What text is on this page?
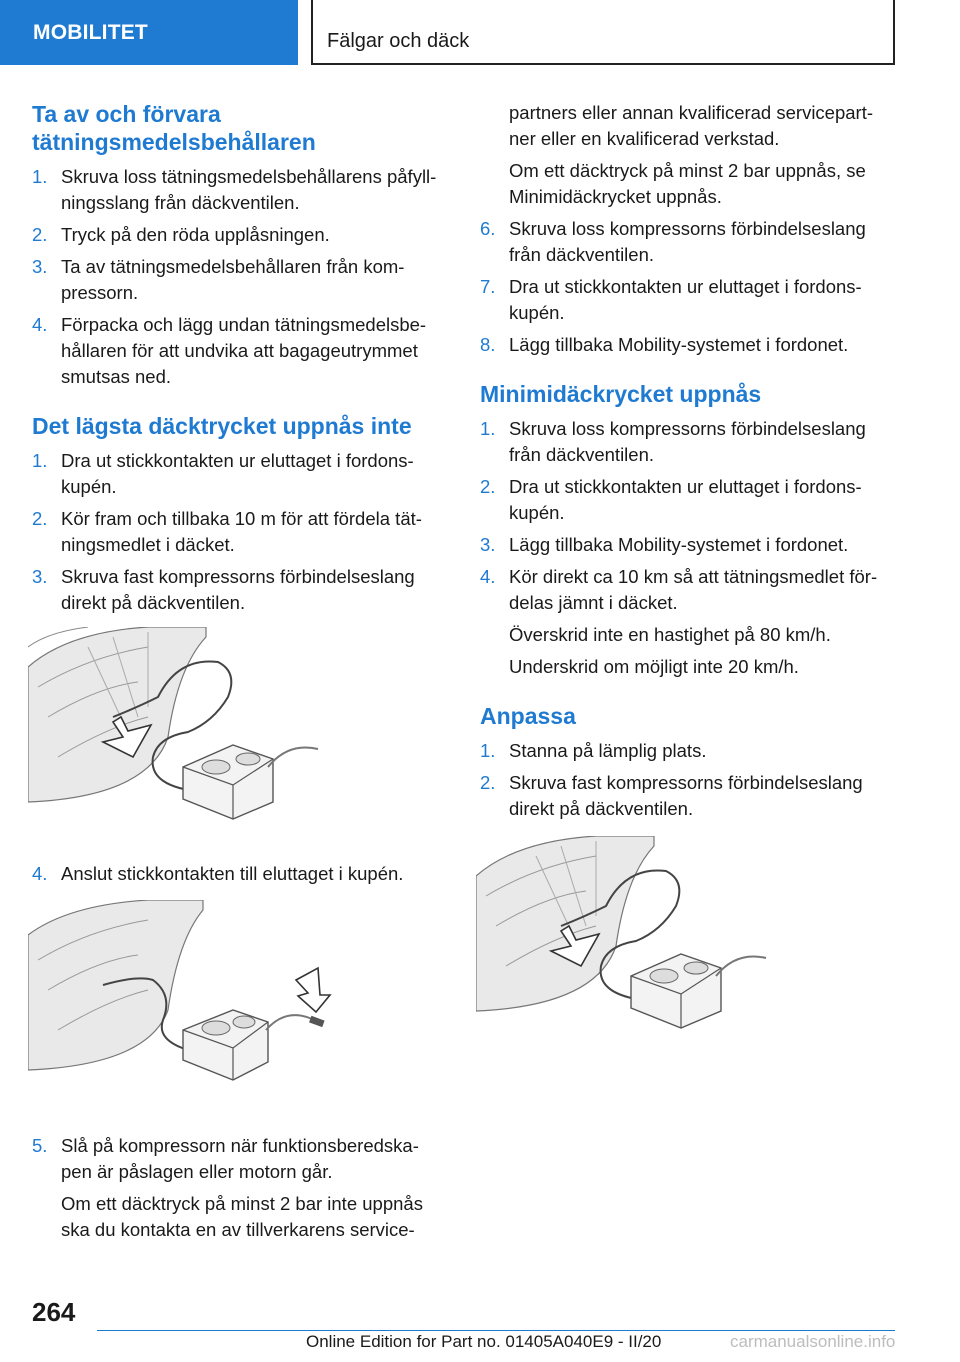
MOBILITET	Fälgar och däck
Ta av och förvara
tätningsmedelsbehållaren
1. Skruva loss tätningsmedelsbehållarens påfyll-
ningsslang från däckventilen.
2. Tryck på den röda upplåsningen.
3. Ta av tätningsmedelsbehållaren från kom-
pressorn.
4. Förpacka och lägg undan tätningsmedelsbe-
hållaren för att undvika att bagageutrymmet
smutsas ned.
Det lägsta däcktrycket uppnås inte
1. Dra ut stickkontakten ur eluttaget i fordons-
kupén.
2. Kör fram och tillbaka 10 m för att fördela tät-
ningsmedlet i däcket.
3. Skruva fast kompressorns förbindelseslang
direkt på däckventilen.
4. Anslut stickkontakten till eluttaget i kupén.
5. Slå på kompressorn när funktionsberedska-
pen är påslagen eller motorn går.
Om ett däcktryck på minst 2 bar inte uppnås
ska du kontakta en av tillverkarens service-
partners eller annan kvalificerad servicepart-
ner eller en kvalificerad verkstad.
Om ett däcktryck på minst 2 bar uppnås, se
Minimidäckrycket uppnås.
6. Skruva loss kompressorns förbindelseslang
från däckventilen.
7. Dra ut stickkontakten ur eluttaget i fordons-
kupén.
8. Lägg tillbaka Mobility-systemet i fordonet.
Minimidäckrycket uppnås
1. Skruva loss kompressorns förbindelseslang
från däckventilen.
2. Dra ut stickkontakten ur eluttaget i fordons-
kupén.
3. Lägg tillbaka Mobility-systemet i fordonet.
4. Kör direkt ca 10 km så att tätningsmedlet för-
delas jämnt i däcket.
Överskrid inte en hastighet på 80 km/h.
Underskrid om möjligt inte 20 km/h.
Anpassa
1. Stanna på lämplig plats.
2. Skruva fast kompressorns förbindelseslang
direkt på däckventilen.
264
Online Edition for Part no. 01405A040E9 - II/20	carmanualsonline.info
